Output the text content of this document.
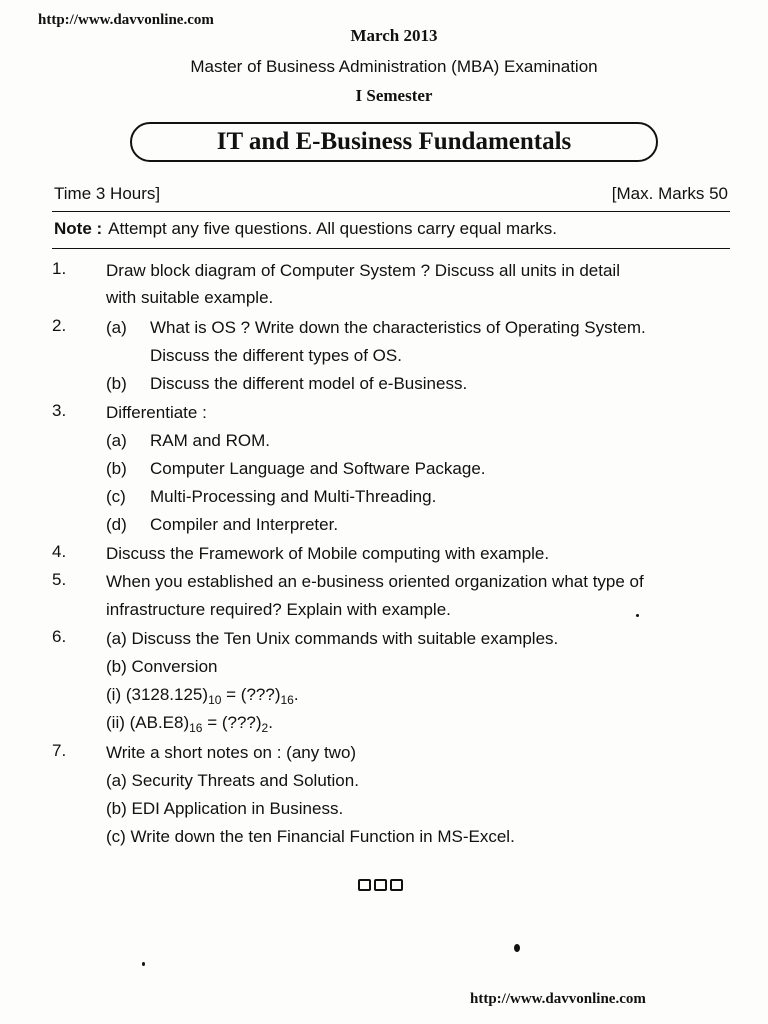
http://www.davvonline.com
March 2013
Master of Business Administration (MBA) Examination
I Semester
IT and E-Business Fundamentals
Time 3 Hours]	[Max. Marks 50
Note : Attempt any five questions. All questions carry equal marks.
1. Draw block diagram of Computer System ? Discuss all units in detail
with suitable example.
2. (a) What is OS ? Write down the characteristics of Operating System.
Discuss the different types of OS.
(b) Discuss the different model of e-Business.
3. Differentiate :
(a) RAM and ROM.
(b) Computer Language and Software Package.
(c) Multi-Processing and Multi-Threading.
(d) Compiler and Interpreter.
4. Discuss the Framework of Mobile computing with example.
5. When you established an e-business oriented organization what type of
infrastructure required? Explain with example.
6. (a) Discuss the Ten Unix commands with suitable examples.
(b) Conversion
(i) $(3128.125)_{10}$ = $(???)_{16}$.
(ii) $(AB.E8)_{16}$ = $(???)_2$.
7. Write a short notes on : (any two)
(a) Security Threats and Solution.
(b) EDI Application in Business.
(c) Write down the ten Financial Function in MS-Excel.
http://www.davvonline.com
